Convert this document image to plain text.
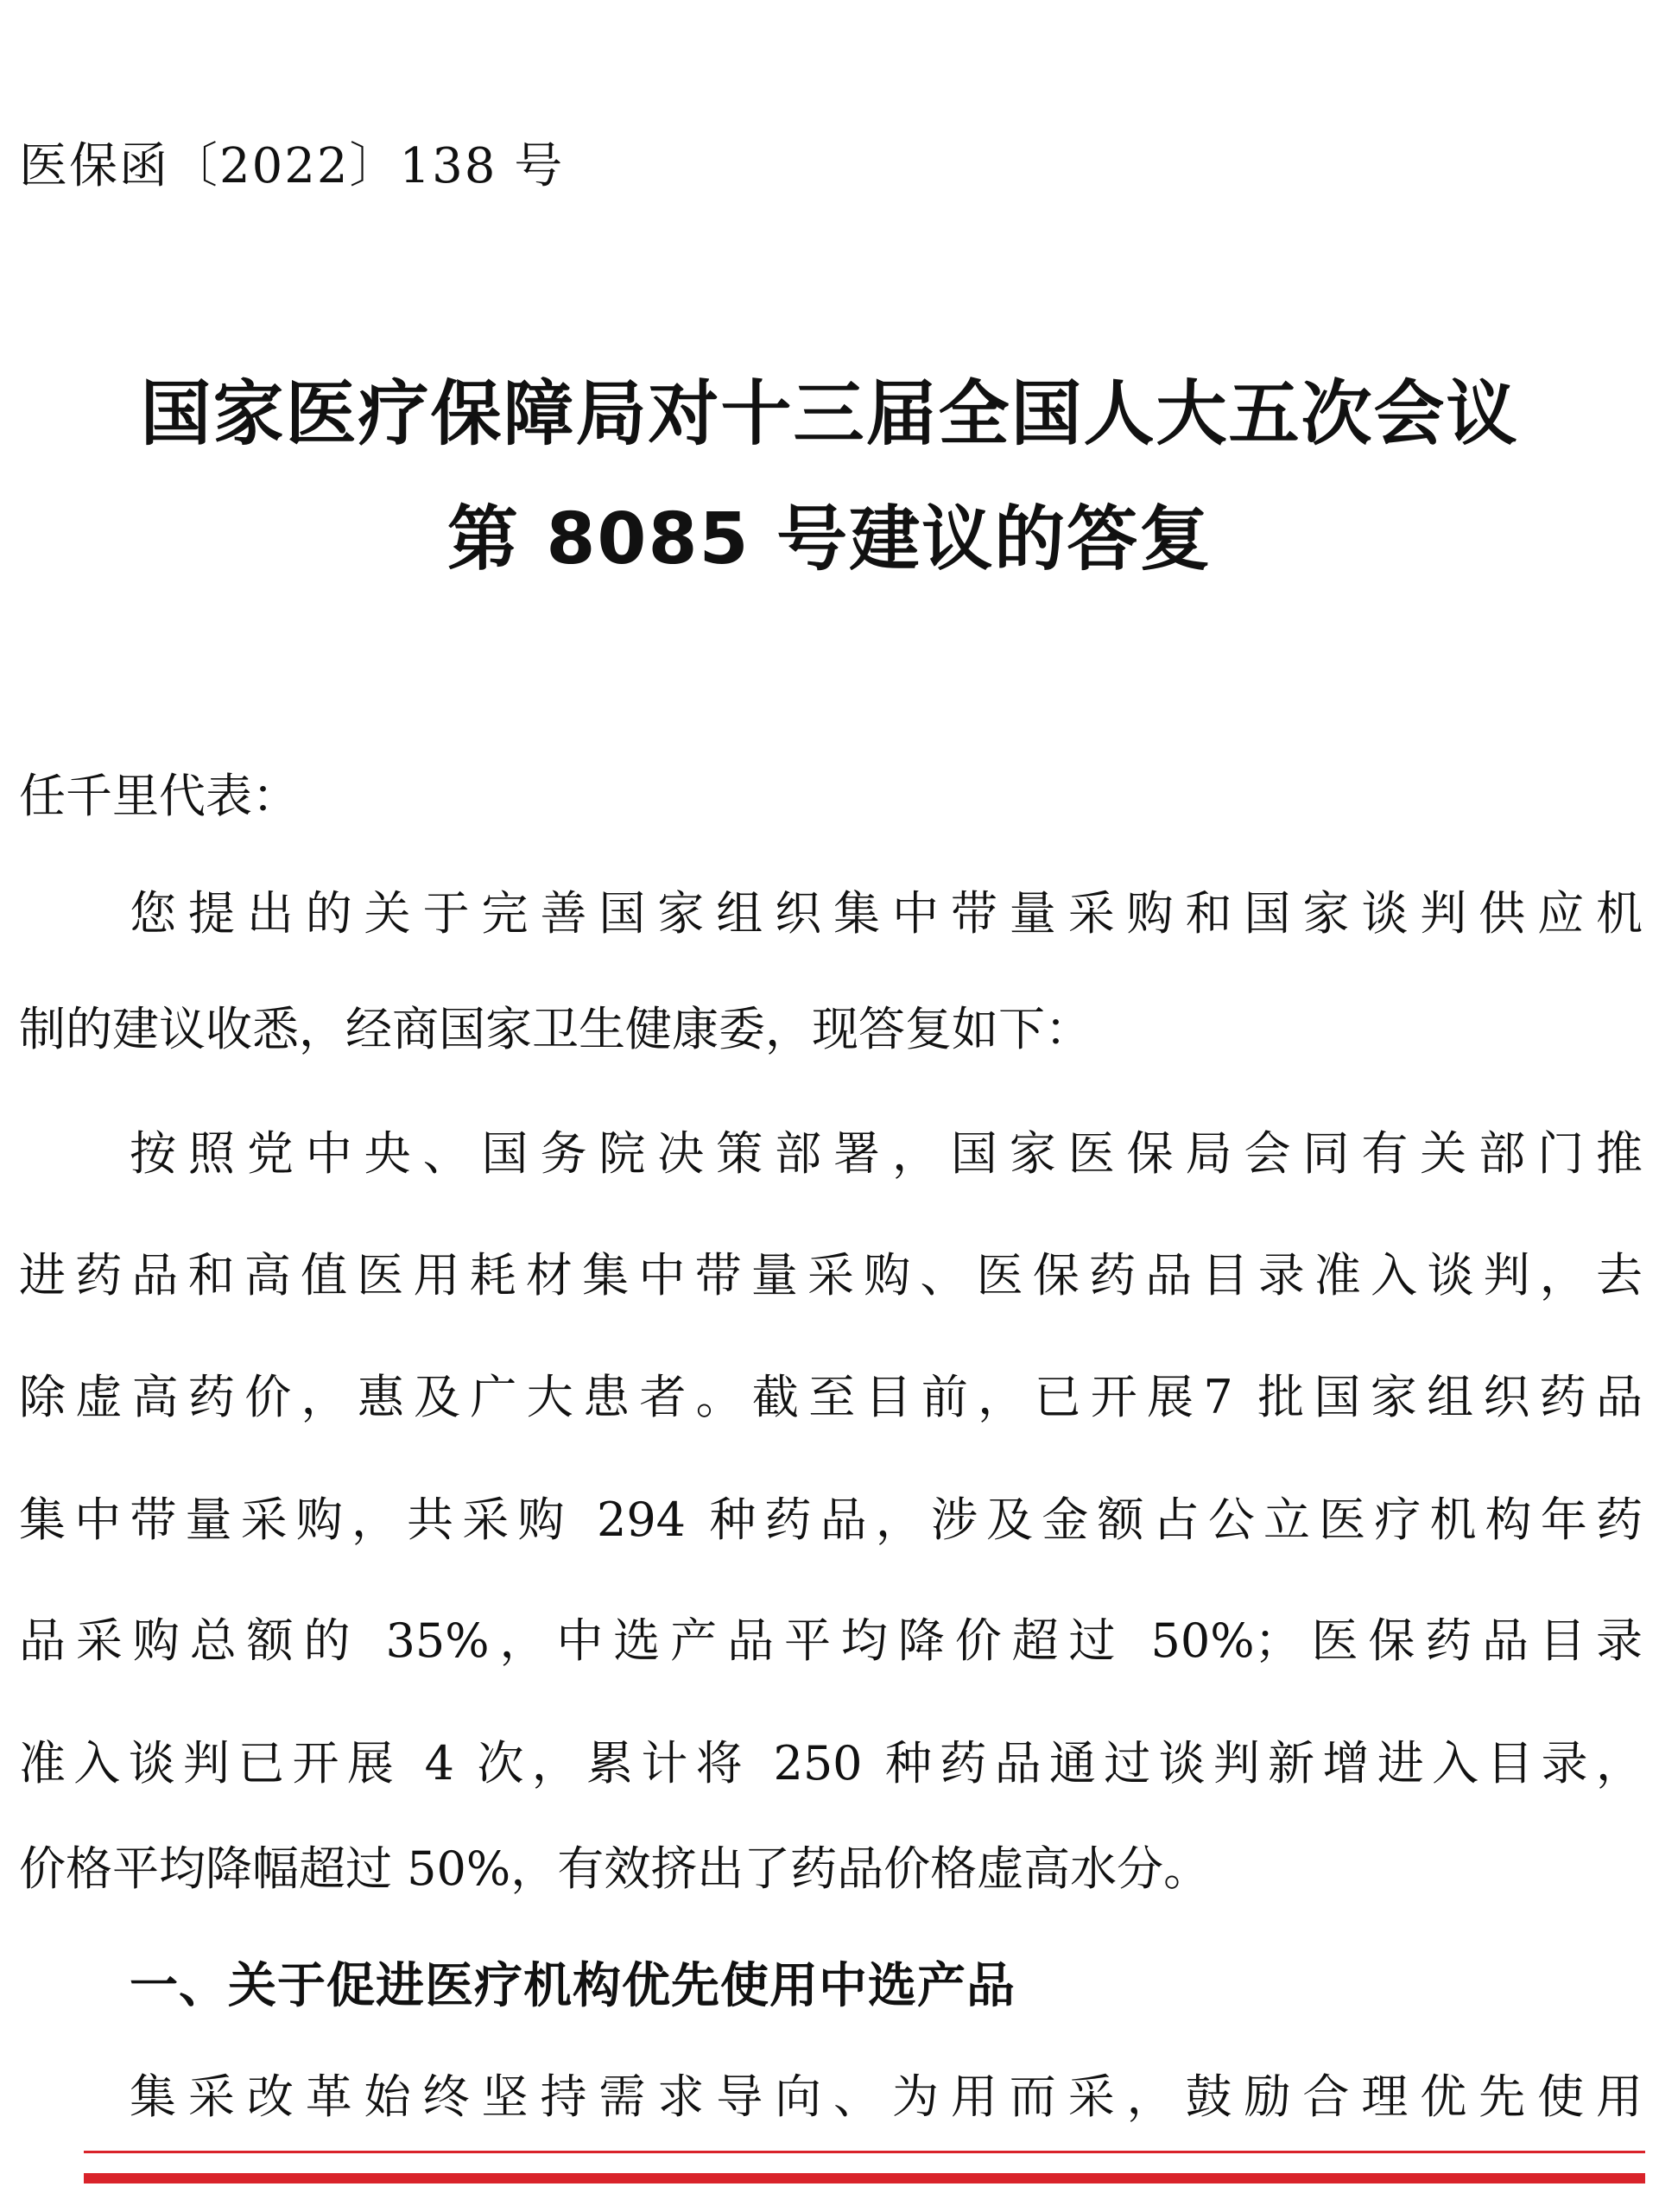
医保函〔2022〕138 号
国家医疗保障局对十三届全国人大五次会议
第 8085 号建议的答复
任千里代表：
您提出的关于完善国家组织集中带量采购和国家谈判供应机
制的建议收悉，经商国家卫生健康委，现答复如下：
按照党中央、国务院决策部署，国家医保局会同有关部门推
进药品和高值医用耗材集中带量采购、医保药品目录准入谈判，去
除虚高药价，惠及广大患者。截至目前，已开展7 批国家组织药品
集中带量采购，共采购 294 种药品，涉及金额占公立医疗机构年药
品采购总额的 35%，中选产品平均降价超过 50%；医保药品目录
准入谈判已开展 4 次，累计将 250 种药品通过谈判新增进入目录，
价格平均降幅超过 50%，有效挤出了药品价格虚高水分。
一、关于促进医疗机构优先使用中选产品
集采改革始终坚持需求导向、为用而采，鼓励合理优先使用
